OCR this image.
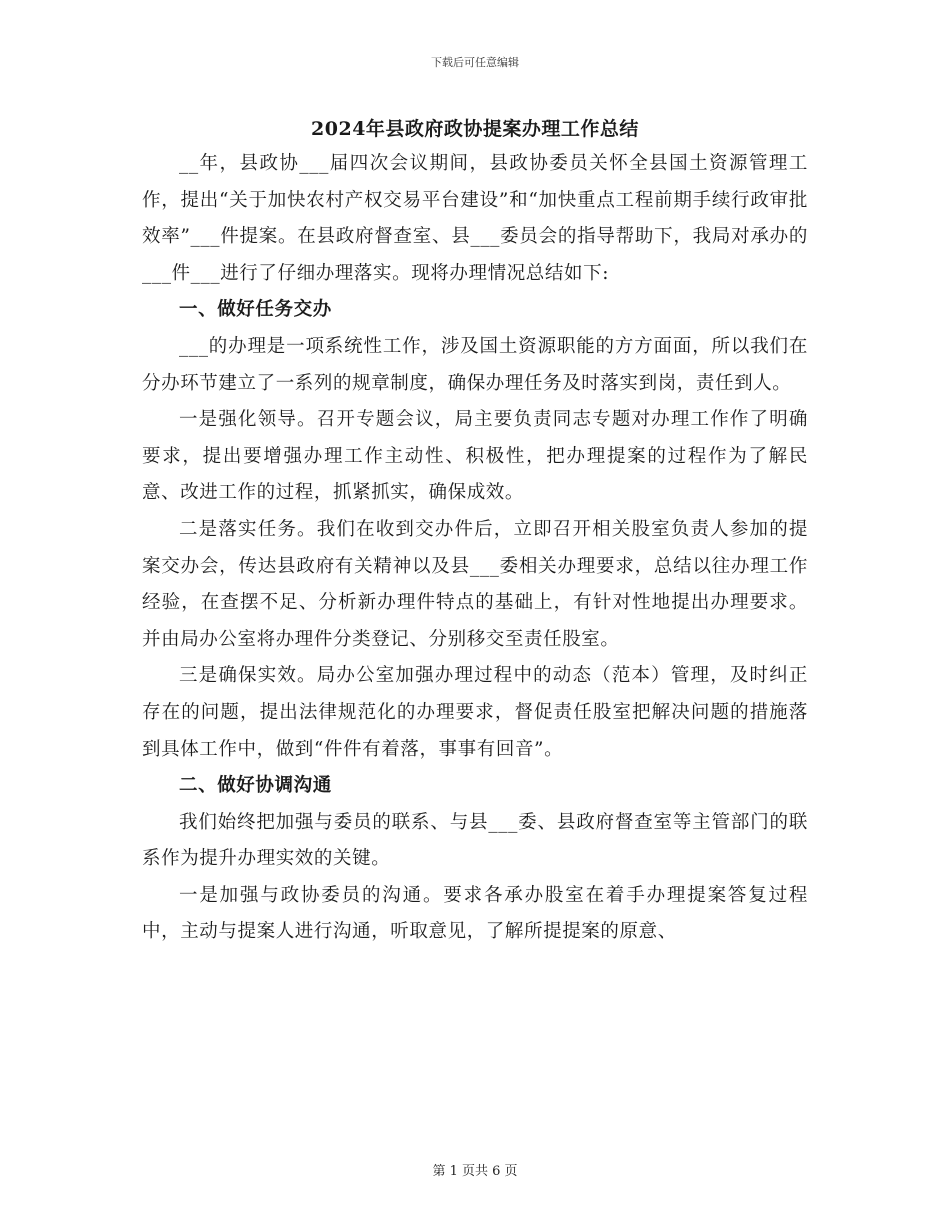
下载后可任意编辑
2024年县政府政协提案办理工作总结

__年，县政协___届四次会议期间，县政协委员关怀全县国土资源管理工作，提出“关于加快农村产权交易平台建设”和“加快重点工程前期手续行政审批效率”___件提案。在县政府督查室、县___委员会的指导帮助下，我局对承办的___件___进行了仔细办理落实。现将办理情况总结如下:

一、做好任务交办

___的办理是一项系统性工作，涉及国土资源职能的方方面面，所以我们在分办环节建立了一系列的规章制度，确保办理任务及时落实到岗，责任到人。

一是强化领导。召开专题会议，局主要负责同志专题对办理工作作了明确要求，提出要增强办理工作主动性、积极性，把办理提案的过程作为了解民意、改进工作的过程，抓紧抓实，确保成效。

二是落实任务。我们在收到交办件后，立即召开相关股室负责人参加的提案交办会，传达县政府有关精神以及县___委相关办理要求，总结以往办理工作经验，在查摆不足、分析新办理件特点的基础上，有针对性地提出办理要求。并由局办公室将办理件分类登记、分别移交至责任股室。

三是确保实效。局办公室加强办理过程中的动态（范本）管理，及时纠正存在的问题，提出法律规范化的办理要求，督促责任股室把解决问题的措施落到具体工作中，做到“件件有着落，事事有回音”。

二、做好协调沟通

我们始终把加强与委员的联系、与县___委、县政府督查室等主管部门的联系作为提升办理实效的关键。

一是加强与政协委员的沟通。要求各承办股室在着手办理提案答复过程中，主动与提案人进行沟通，听取意见，了解所提提案的原意、

第 1 页共 6 页
